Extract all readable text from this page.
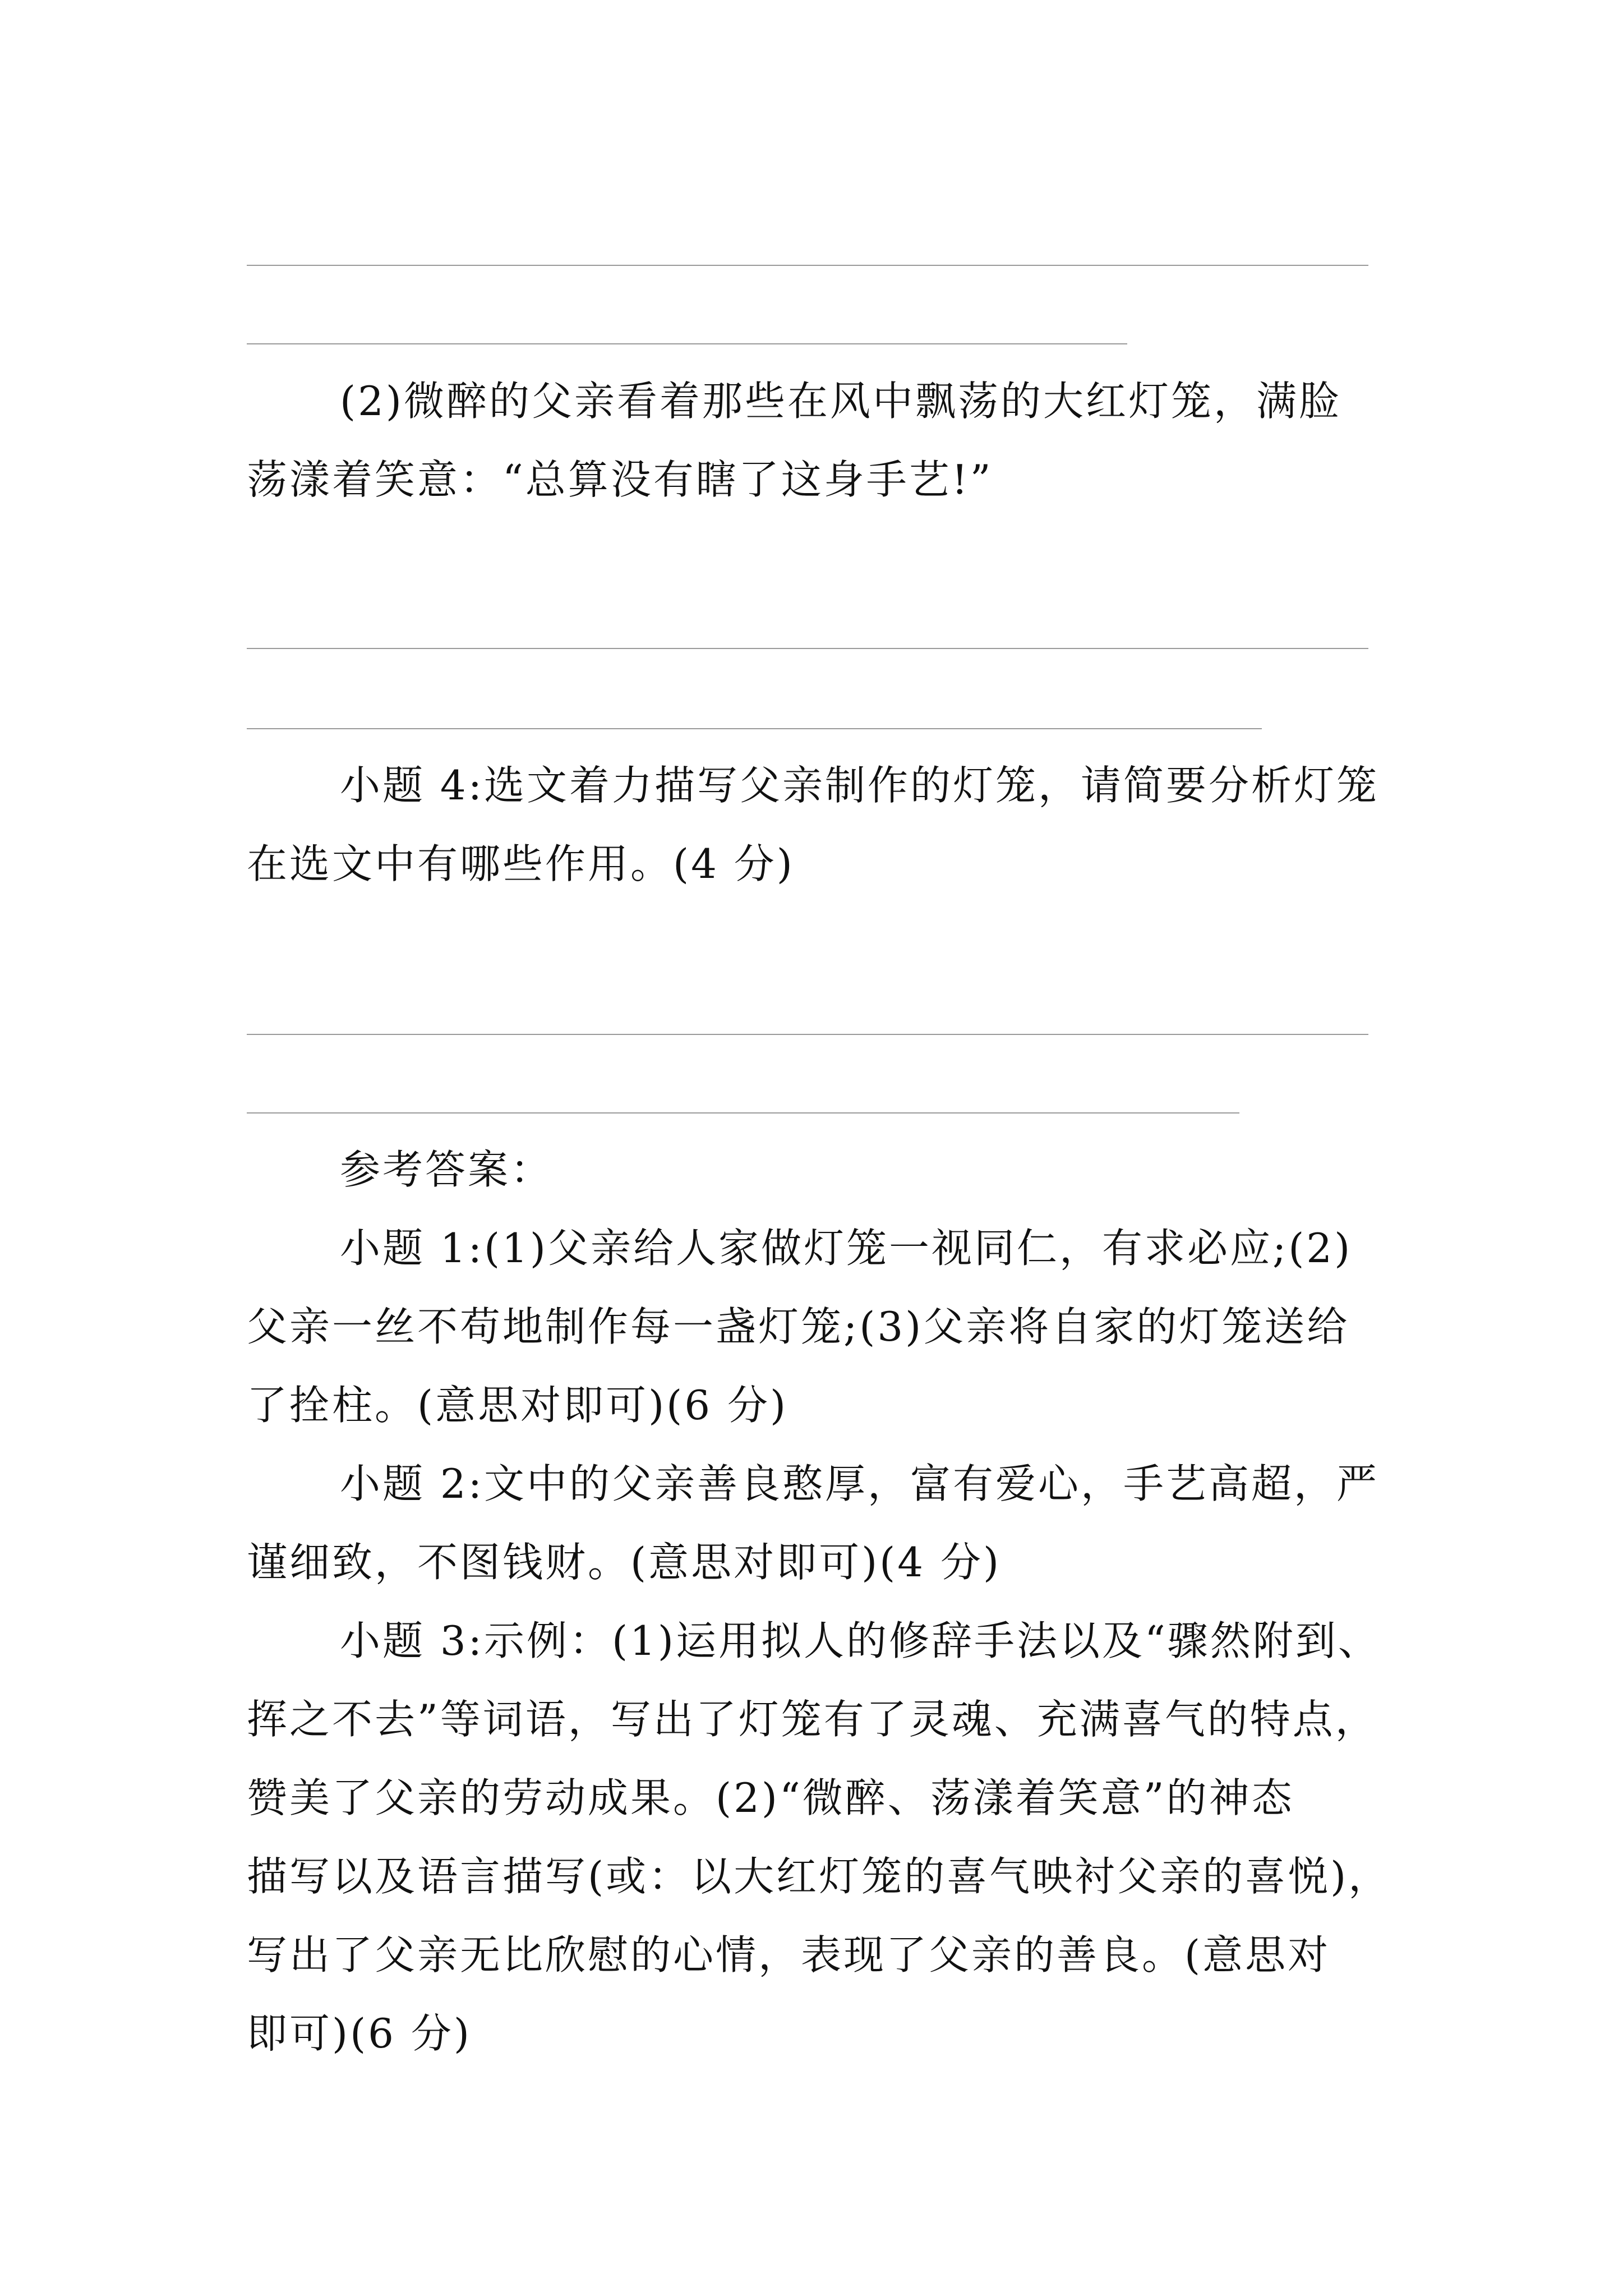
(2)微醉的父亲看着那些在风中飘荡的大红灯笼，满脸
荡漾着笑意：“总算没有瞎了这身手艺!”
小题 4:选文着力描写父亲制作的灯笼，请简要分析灯笼
在选文中有哪些作用。(4 分)
参考答案：
小题 1:(1)父亲给人家做灯笼一视同仁，有求必应;(2)
父亲一丝不苟地制作每一盏灯笼;(3)父亲将自家的灯笼送给
了拴柱。(意思对即可)(6 分)
小题 2:文中的父亲善良憨厚，富有爱心，手艺高超，严
谨细致，不图钱财。(意思对即可)(4 分)
小题 3:示例：(1)运用拟人的修辞手法以及“骤然附到、
挥之不去”等词语，写出了灯笼有了灵魂、充满喜气的特点，
赞美了父亲的劳动成果。(2)“微醉、荡漾着笑意”的神态
描写以及语言描写(或：以大红灯笼的喜气映衬父亲的喜悦)，
写出了父亲无比欣慰的心情，表现了父亲的善良。(意思对
即可)(6 分)
